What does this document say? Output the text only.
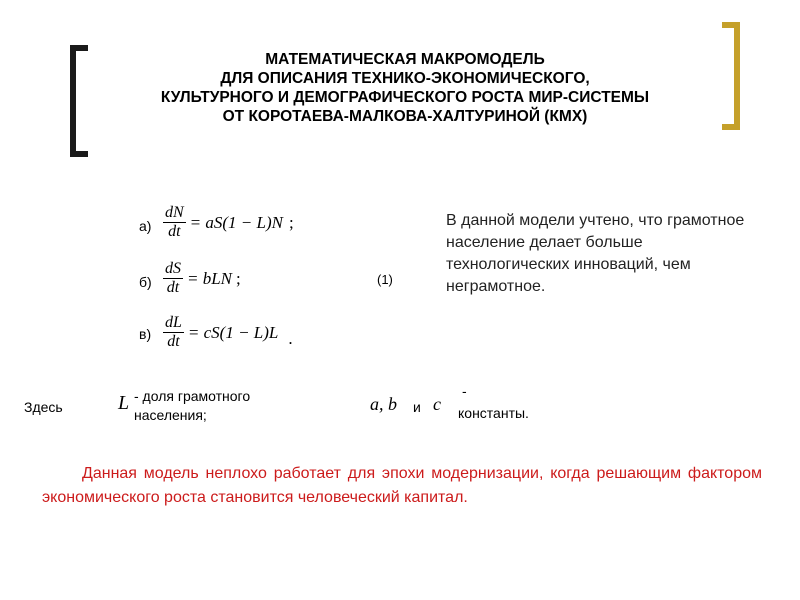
МАТЕМАТИЧЕСКАЯ МАКРОМОДЕЛЬ
ДЛЯ ОПИСАНИЯ ТЕХНИКО-ЭКОНОМИЧЕСКОГО,
КУЛЬТУРНОГО И ДЕМОГРАФИЧЕСКОГО РОСТА МИР-СИСТЕМЫ
ОТ КОРОТАЕВА-МАЛКОВА-ХАЛТУРИНОЙ (КМХ)
$а) \frac{dN}{dt} = aS(1 - L)N$ ;
$б) \frac{dS}{dt}$ = bLN ;
$в) \frac{dL}{dt} = cS(1 - L)L$ .
(1)
В данной модели учтено, что грамотное население делает больше технологических инноваций, чем неграмотное.
Здесь	L - доля грамотного
населения;
a, b и c
-
константы.
Данная модель неплохо работает для эпохи модернизации, когда решающим фактором экономического роста становится человеческий капитал.
